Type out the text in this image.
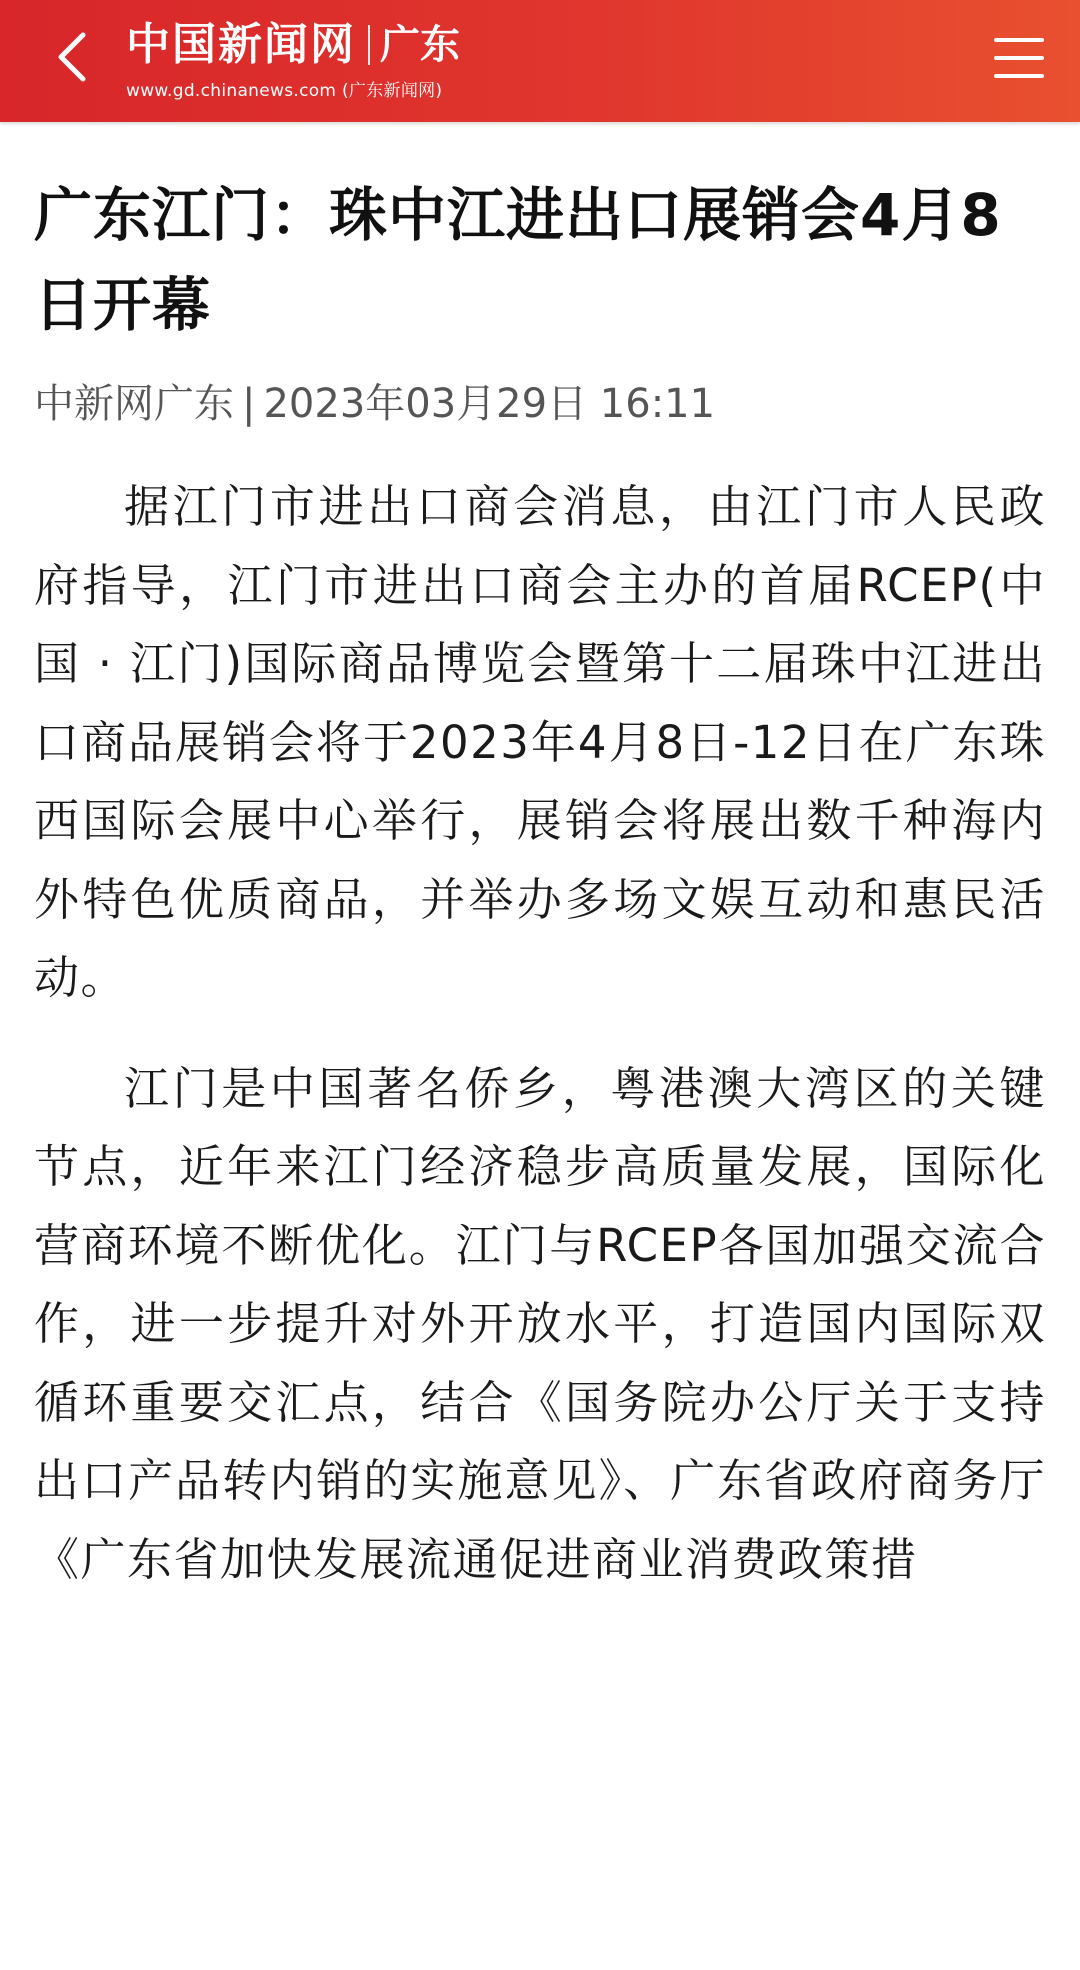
中国新闻网 广东
www.gd.chinanews.com (广东新闻网)
广东江门：珠中江进出口展销会4月8日开幕
中新网广东 | 2023年03月29日 16:11

据江门市进出口商会消息，由江门市人民政府指导，江门市进出口商会主办的首届RCEP(中国 · 江门)国际商品博览会暨第十二届珠中江进出口商品展销会将于2023年4月8日-12日在广东珠西国际会展中心举行，展销会将展出数千种海内外特色优质商品，并举办多场文娱互动和惠民活动。

江门是中国著名侨乡，粤港澳大湾区的关键节点，近年来江门经济稳步高质量发展，国际化营商环境不断优化。江门与RCEP各国加强交流合作，进一步提升对外开放水平，打造国内国际双循环重要交汇点，结合《国务院办公厅关于支持出口产品转内销的实施意见》、广东省政府商务厅《广东省加快发展流通促进商业消费政策措
